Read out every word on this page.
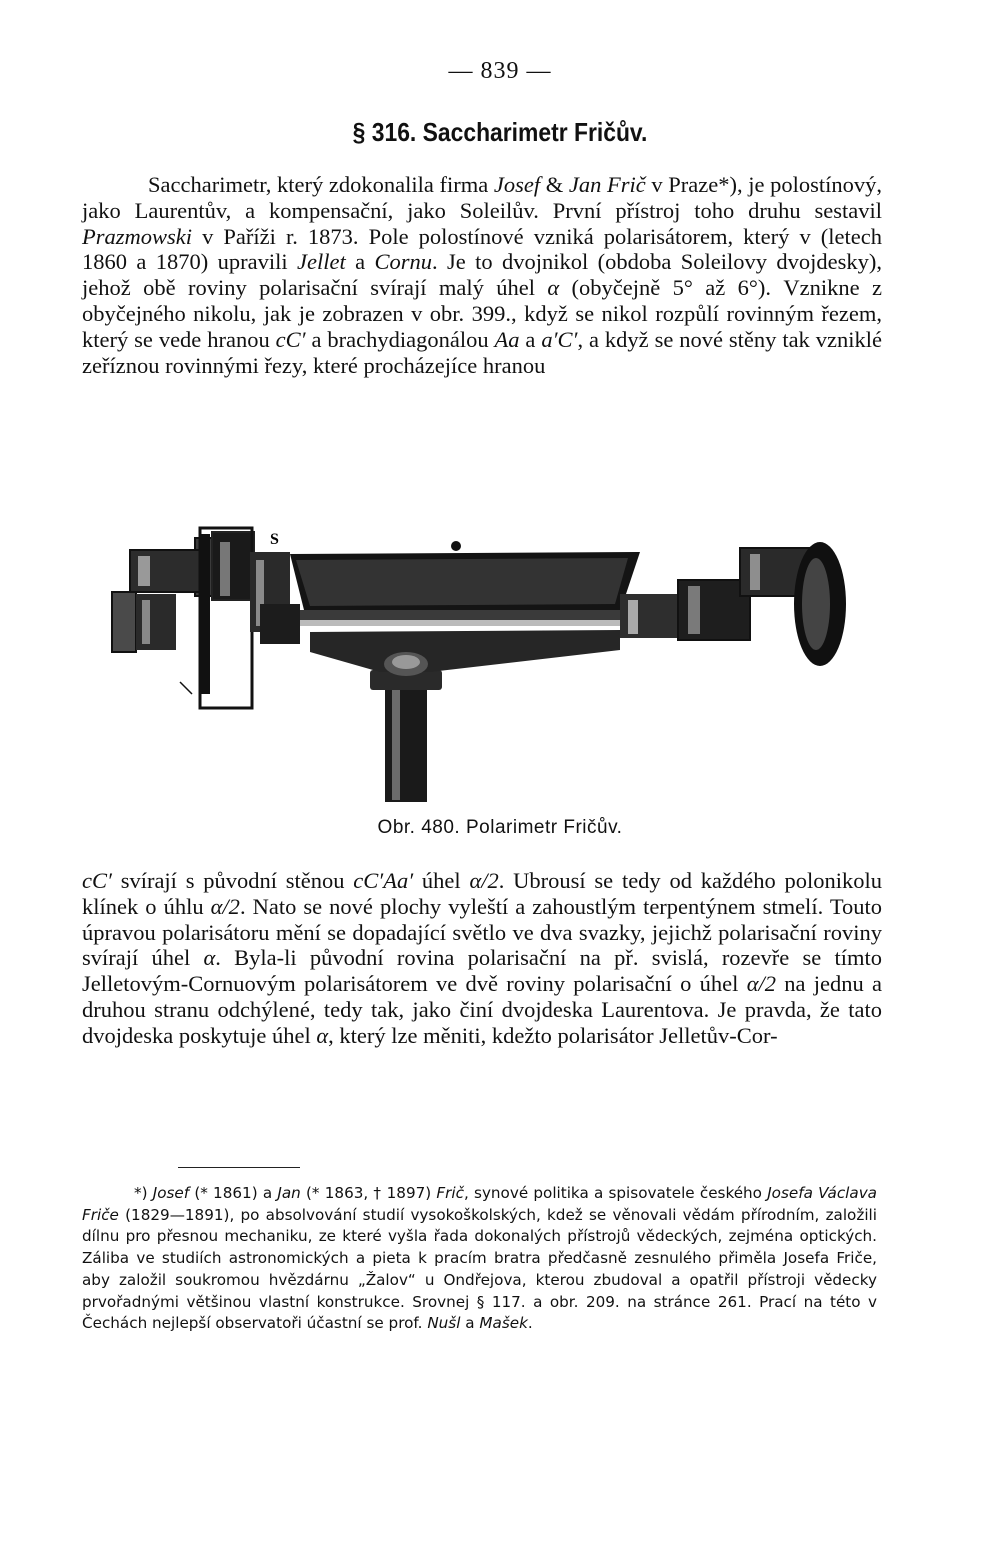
— 839 —
§ 316. Saccharimetr Fričův.

Saccharimetr, který zdokonalila firma Josef & Jan Frič v Praze*), je polostínový, jako Laurentův, a kompensační, jako Soleilův. První přístroj toho druhu sestavil Prazmowski v Paříži r. 1873. Pole polostínové vzniká polarisátorem, který v (letech 1860 a 1870) upravili Jellet a Cornu. Je to dvojnikol (obdoba Soleilovy dvojdesky), jehož obě roviny polarisační svírají malý úhel α (obyčejně 5° až 6°). Vznikne z obyčejného nikolu, jak je zobrazen v obr. 399., když se nikol rozpůlí rovinným řezem, který se vede hranou cC′ a brachydiagonálou Aa a a′C′, a když se nové stěny tak vzniklé zeříznou rovinnými řezy, které procházejíce hranou

S
Obr. 480. Polarimetr Fričův.

cC′ svírají s původní stěnou cC′Aa′ úhel α/2. Ubrousí se tedy od každého polonikolu klínek o úhlu α/2. Nato se nové plochy vyleští a zahoustlým terpentýnem stmelí. Touto úpravou polarisátoru mění se dopadající světlo ve dva svazky, jejichž polarisační roviny svírají úhel α. Byla-li původní rovina polarisační na př. svislá, rozevře se tímto Jelletovým-Cornuovým polarisátorem ve dvě roviny polarisační o úhel α/2 na jednu a druhou stranu odchýlené, tedy tak, jako činí dvojdeska Laurentova. Je pravda, že tato dvojdeska poskytuje úhel α, který lze měniti, kdežto polarisátor Jelletův-Cor-

*) Josef (* 1861) a Jan (* 1863, † 1897) Frič, synové politika a spisovatele českého Josefa Václava Friče (1829—1891), po absolvování studií vysokoškolských, kdež se věnovali vědám přírodním, založili dílnu pro přesnou mechaniku, ze které vyšla řada dokonalých přístrojů vědeckých, zejména optických. Záliba ve studiích astronomických a pieta k pracím bratra předčasně zesnulého přiměla Josefa Friče, aby založil soukromou hvězdárnu „Žalov“ u Ondřejova, kterou zbudoval a opatřil přístroji vědecky prvořadnými většinou vlastní konstrukce. Srovnej § 117. a obr. 209. na stránce 261. Prací na této v Čechách nejlepší observatoři účastní se prof. Nušl a Mašek.
